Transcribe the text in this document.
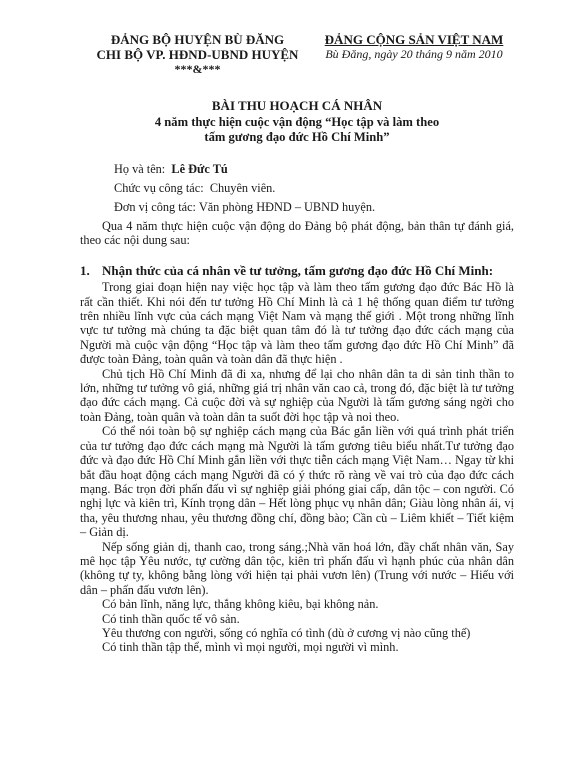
ĐẢNG BỘ HUYỆN BÙ ĐĂNG
CHI BỘ VP. HĐND-UBND HUYỆN
***&***
ĐẢNG CỘNG SẢN VIỆT NAM
Bù Đăng, ngày 20 tháng 9 năm 2010
BÀI THU HOẠCH CÁ NHÂN
4 năm thực hiện cuộc vận động “Học tập và làm theo
tấm gương đạo đức Hồ Chí Minh”
Họ và tên: Lê Đức Tú
Chức vụ công tác: Chuyên viên.
Đơn vị công tác: Văn phòng HĐND – UBND huyện.

Qua 4 năm thực hiện cuộc vận động do Đảng bộ phát động, bản thân tự đánh giá, theo các nội dung sau:

1. Nhận thức của cá nhân về tư tưởng, tấm gương đạo đức Hồ Chí Minh:

Trong giai đoạn hiện nay việc học tập và làm theo tấm gương đạo đức Bác Hồ là rất cần thiết. Khi nói đến tư tưởng Hồ Chí Minh là cả 1 hệ thống quan điểm tư tưởng trên nhiều lĩnh vực của cách mạng Việt Nam và mạng thế giới . Một trong những lĩnh vực tư tưởng mà chúng ta đặc biệt quan tâm đó là tư tưởng đạo đức cách mạng của Người mà cuộc vận động “Học tập và làm theo tấm gương đạo đức Hồ Chí Minh” đã được toàn Đảng, toàn quân và toàn dân đã thực hiện .

Chủ tịch Hồ Chí Minh đã đi xa, nhưng để lại cho nhân dân ta di sản tinh thần to lớn, những tư tưởng vô giá, những giá trị nhân văn cao cả, trong đó, đặc biệt là tư tưởng đạo đức cách mạng. Cả cuộc đời và sự nghiệp của Người là tấm gương sáng ngời cho toàn Đảng, toàn quân và toàn dân ta suốt đời học tập và noi theo.

Có thể nói toàn bộ sự nghiệp cách mạng của Bác gắn liền với quá trình phát triển của tư tưởng đạo đức cách mạng mà Người là tấm gương tiêu biểu nhất.Tư tưởng đạo đức và đạo đức Hồ Chí Minh gắn liền với thực tiễn cách mạng Việt Nam… Ngay từ khi bắt đầu hoạt động cách mạng Người đã có ý thức rõ ràng về vai trò của đạo đức cách mạng. Bác trọn đời phấn đấu vì sự nghiệp giải phóng giai cấp, dân tộc – con người. Có nghị lực và kiên trì, Kính trọng dân – Hết lòng phục vụ nhân dân; Giàu lòng nhân ái, vị tha, yêu thương nhau, yêu thương đồng chí, đồng bào; Cần cù – Liêm khiết – Tiết kiệm – Giản dị.

Nếp sống giản dị, thanh cao, trong sáng.;Nhà văn hoá lớn, đầy chất nhân văn, Say mê học tập Yêu nước, tự cường dân tộc, kiên trì phấn đấu vì hạnh phúc của nhân dân (không tự ty, không bằng lòng với hiện tại phải vươn lên) (Trung với nước – Hiếu với dân – phấn đấu vươn lên).

Có bản lĩnh, năng lực, thắng không kiêu, bại không nản.
Có tinh thần quốc tế vô sản.
Yêu thương con người, sống có nghĩa có tình (dù ở cương vị nào cũng thế)
Có tinh thần tập thể, mình vì mọi người, mọi người vì mình.
